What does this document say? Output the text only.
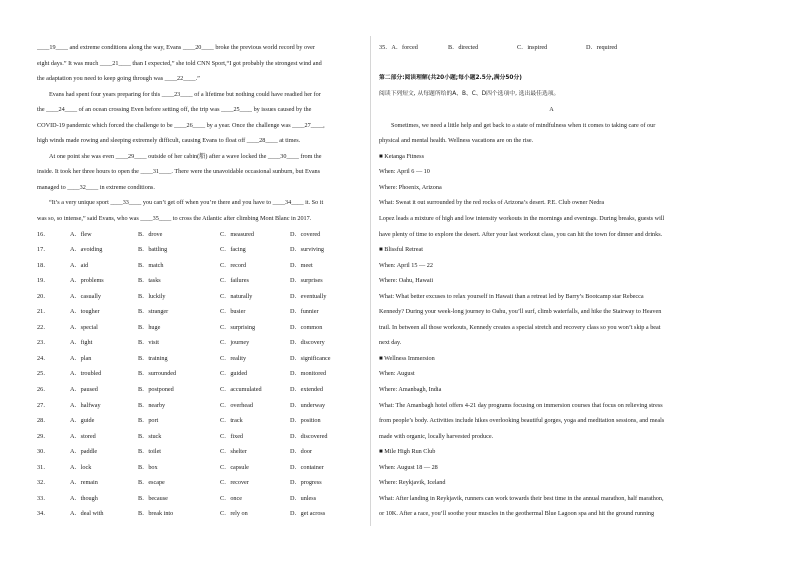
____19____ and extreme conditions along the way, Evans ____20____ broke the previous world record by over
eight days.” It was much ____21____ than I expected,” she told CNN Sport,“I got probably the strongest wind and
the adaptation you need to keep going through was ____22____.”
Evans had spent four years preparing for this ____23____ of a lifetime but nothing could have readied her for
the ____24____ of an ocean crossing Even before setting off, the trip was ____25____ by issues caused by the
COVID-19 pandemic which forced the challenge to be ____26____ by a year. Once the challenge was ____27____,
high winds made rowing and sleeping extremely difficult, causing Evans to float off ____28____ at times.
At one point she was even ____29____ outside of her cabin(船) after a wave locked the ____30____ from the
inside. It took her three hours to open the ____31____. There were the unavoidable occasional sunburn, but Evans
managed to ____32____ in extreme conditions.
“It’s a very unique sport ____33____ you can’t get off when you’re there and you have to ____34____ it. So it
was so, so intense,” said Evans, who was ____35____ to cross the Atlantic after climbing Mont Blanc in 2017.
16．	A．flew	B．drove	C．measured	D．covered
17．	A．avoiding	B．battling	C．facing	D．surviving
18．	A．aid	B．match	C．record	D．meet
19．	A．problems	B．tasks	C．failures	D．surprises
20．	A．casually	B．luckily	C．naturally	D．eventually
21．	A．tougher	B．stranger	C．busier	D．funnier
22．	A．special	B．huge	C．surprising	D．common
23．	A．fight	B．visit	C．journey	D．discovery
24．	A．plan	B．training	C．reality	D．significance
25．	A．troubled	B．surrounded	C．guided	D．monitored
26．	A．paused	B．postponed	C．accumulated	D．extended
27．	A．halfway	B．nearby	C．overhead	D．underway
28．	A．guide	B．port	C．track	D．position
29．	A．stored	B．stuck	C．fixed	D．discovered
30．	A．paddle	B．toilet	C．shelter	D．door
31．	A．lock	B．box	C．capsule	D．container
32．	A．remain	B．escape	C．recover	D．progress
33．	A．though	B．because	C．once	D．unless
34．	A．deal with	B．break into	C．rely on	D．get across
35．A．forced	B．directed	C．inspired	D．required

第二部分:阅读理解(共20小题;每小题2.5分,满分50分)
阅读下列短文, 从每题所给的A、B、C、D四个选项中, 选出最佳选项。
A
Sometimes, we need a little help and get back to a state of mindfulness when it comes to taking care of our
physical and mental health. Wellness vacations are on the rise.
■ Ketanga Fitness
When: April 6 — 10
Where: Phoenix, Arizona
What: Sweat it out surrounded by the red rocks of Arizona’s desert. P.E. Club owner Nedra
Lopez leads a mixture of high and low intensity workouts in the mornings and evenings. During breaks, guests will
have plenty of time to explore the desert. After your last workout class, you can hit the town for dinner and drinks.
■ Blissful Retreat
When: April 15 — 22
Where: Oahu, Hawaii
What: What better excuses to relax yourself in Hawaii than a retreat led by Barry’s Bootcamp star Rebecca
Kennedy? During your week-long journey to Oahu, you’ll surf, climb waterfalls, and hike the Stairway to Heaven
trail. In between all those workouts, Kennedy creates a special stretch and recovery class so you won’t skip a beat
next day.
■ Wellness Immersion
When: August
Where: Amanbagh, India
What: The Amanbagh hotel offers 4-21 day programs focusing on immersion courses that focus on relieving stress
from people’s body. Activities include hikes overlooking beautiful gorges, yoga and meditation sessions, and meals
made with organic, locally harvested produce.
■ Mile High Run Club
When: August 18 — 28
Where: Reykjavik, Iceland
What: After landing in Reykjavik, runners can work towards their best time in the annual marathon, half marathon,
or 10K. After a race, you’ll soothe your muscles in the geothermal Blue Lagoon spa and hit the ground running
